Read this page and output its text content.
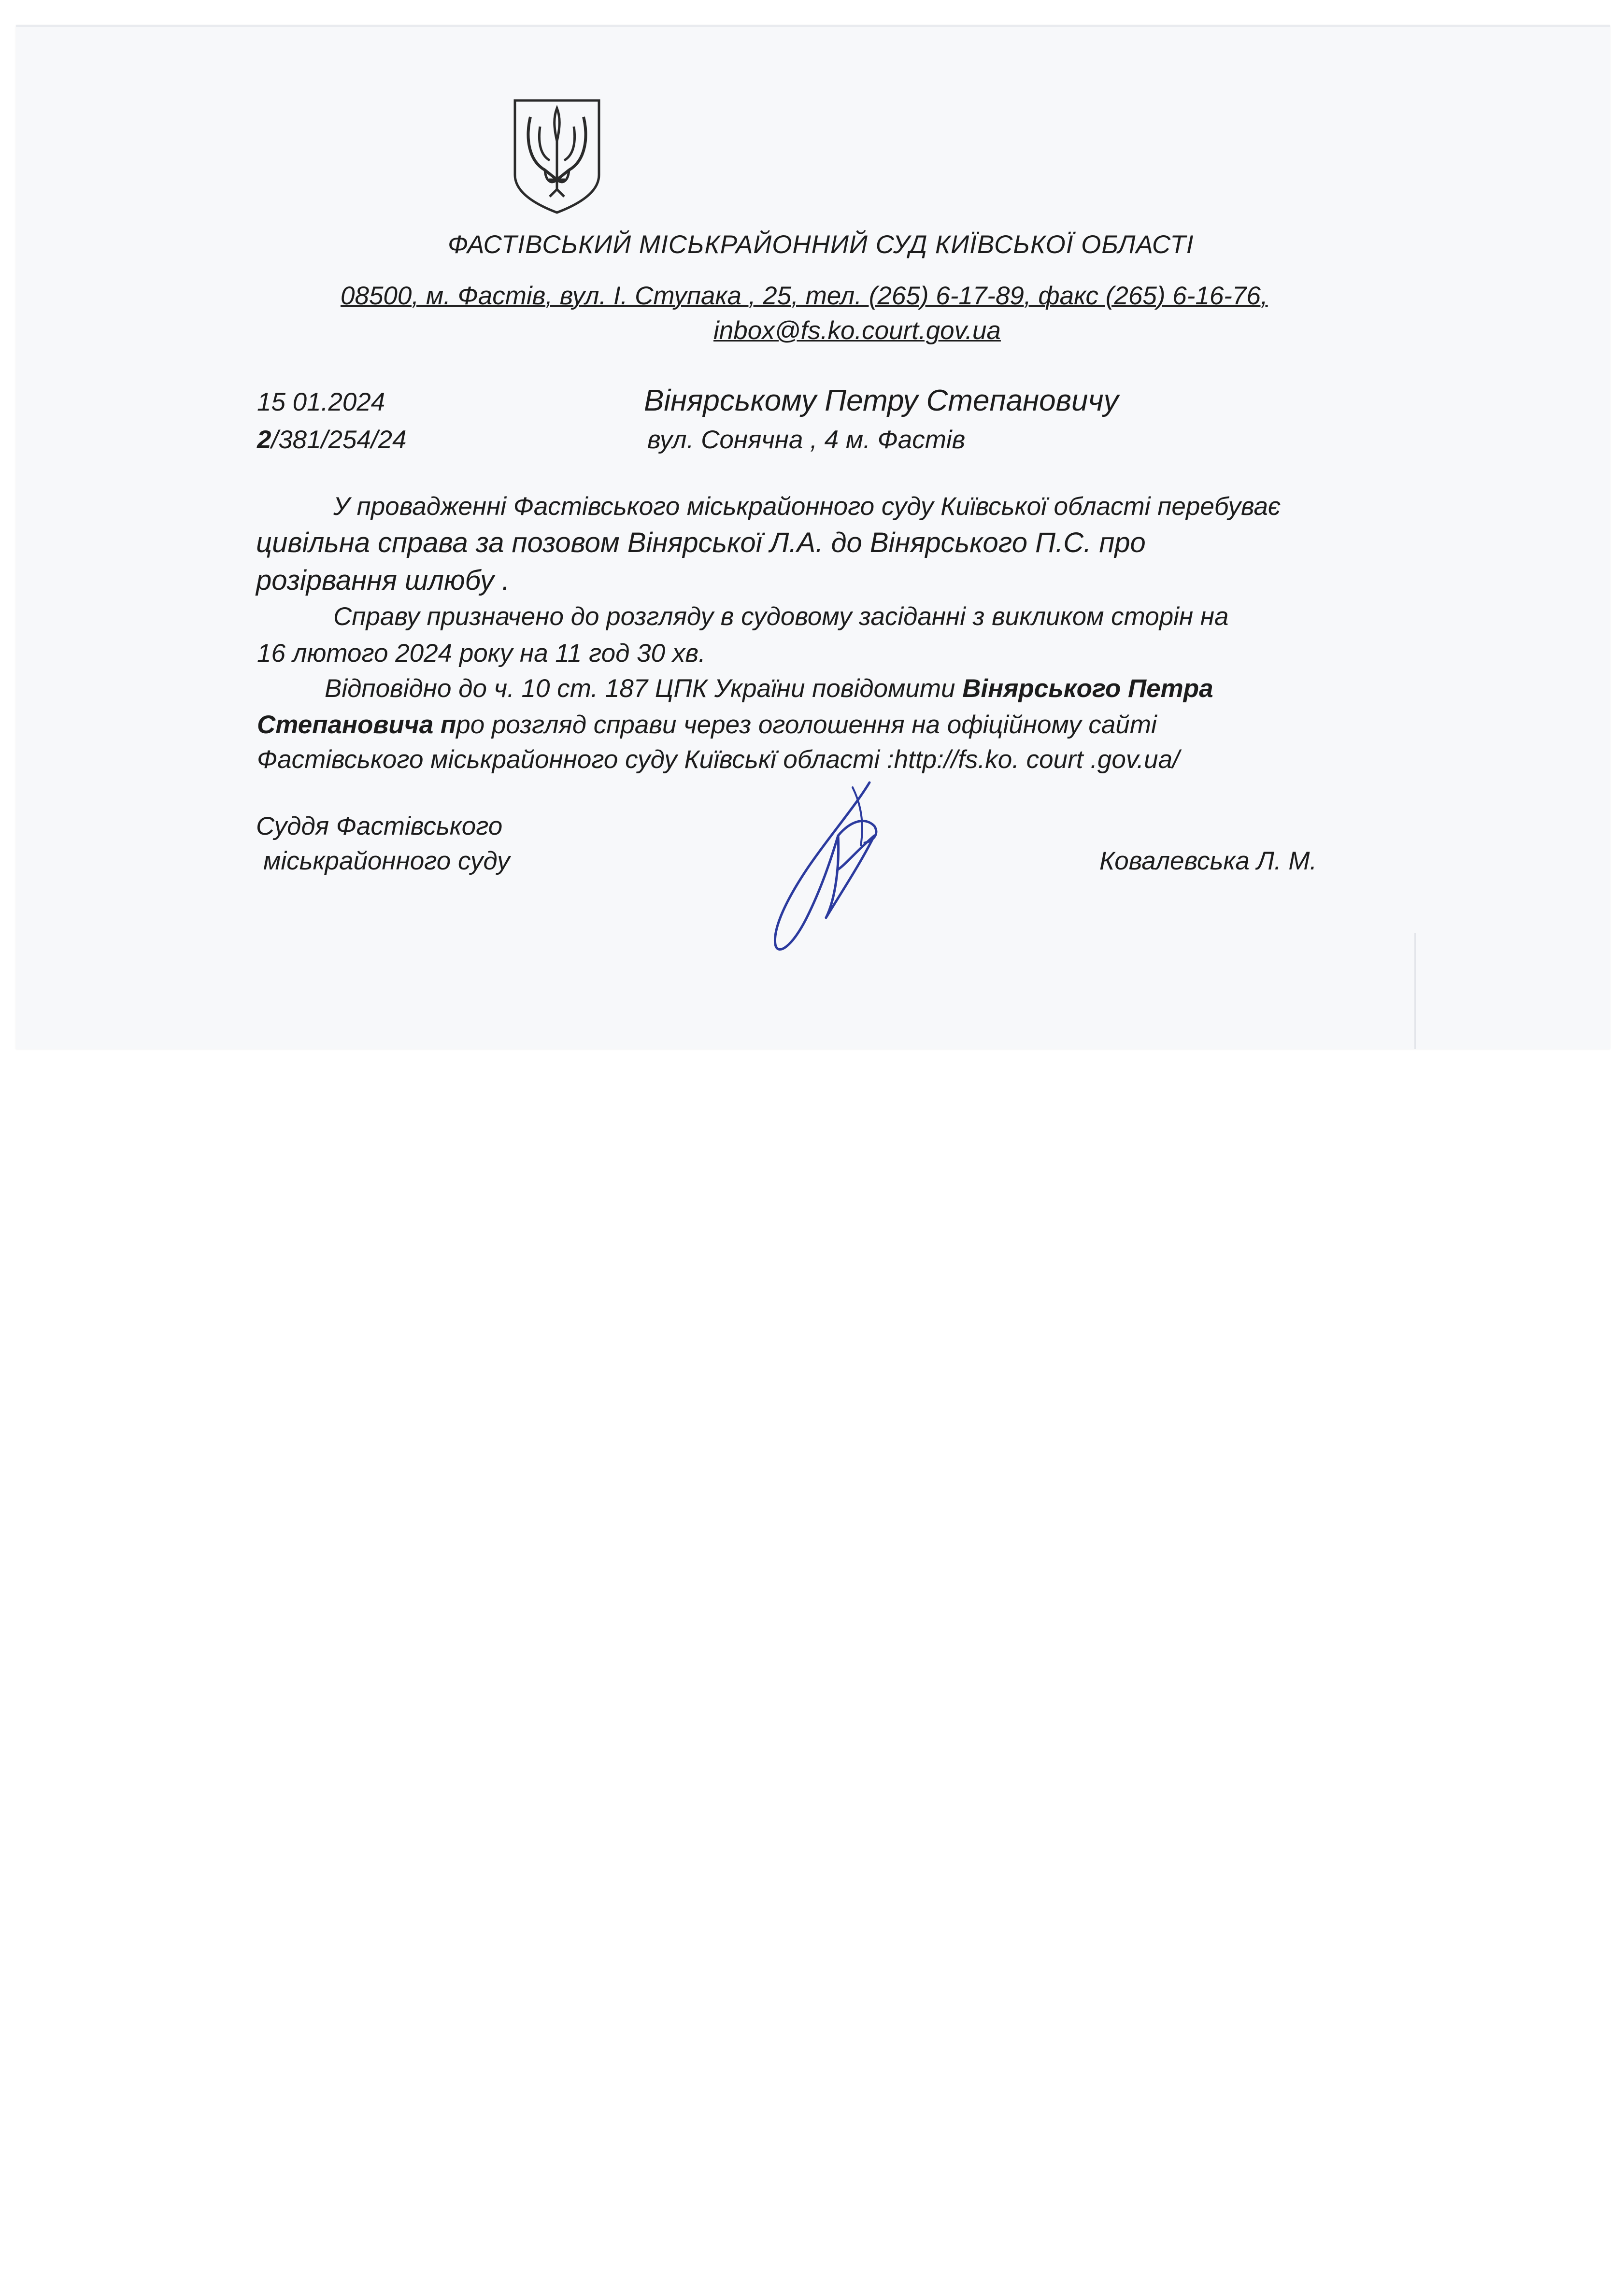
ФАСТІВСЬКИЙ МІСЬКРАЙОННИЙ СУД КИЇВСЬКОЇ ОБЛАСТІ
08500, м. Фастів, вул. І. Ступака , 25, тел. (265) 6-17-89, факс (265) 6-16-76,
inbox@fs.ko.court.gov.ua
15 01.2024
2/381/254/24
Вінярському Петру Степановичу
вул. Сонячна , 4 м. Фастів
У провадженні Фастівського міськрайонного суду Київської області перебуває
цивільна справа за позовом Вінярської Л.А. до Вінярського П.С. про
розірвання шлюбу .
Справу призначено до розгляду в судовому засіданні з викликом сторін на
16 лютого 2024 року на 11 год 30 хв.
Відповідно до ч. 10 ст. 187 ЦПК України повідомити Вінярського Петра
Степановича про розгляд справи через оголошення на офіційному сайті
Фастівського міськрайонного суду Київськї області :http://fs.ko. court .gov.ua/
Суддя Фастівського
міськрайонного суду	Ковалевська Л. М.
